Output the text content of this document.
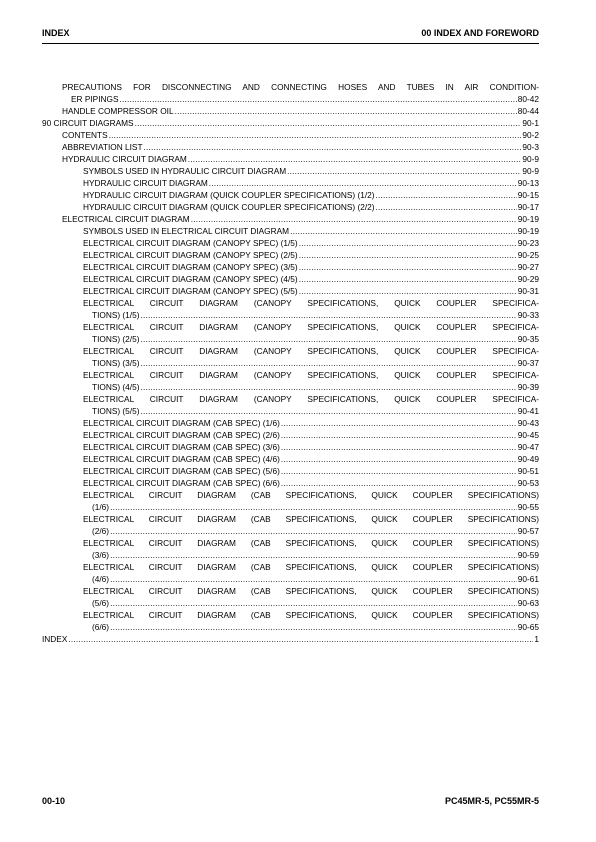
INDEX	00 INDEX AND FOREWORD
PRECAUTIONS FOR DISCONNECTING AND CONNECTING HOSES AND TUBES IN AIR CONDITION-
ER PIPINGS .....	80-42
HANDLE COMPRESSOR OIL .....	80-44
90 CIRCUIT DIAGRAMS .....	90-1
CONTENTS .....	90-2
ABBREVIATION LIST .....	90-3
HYDRAULIC CIRCUIT DIAGRAM .....	90-9
SYMBOLS USED IN HYDRAULIC CIRCUIT DIAGRAM .....	90-9
HYDRAULIC CIRCUIT DIAGRAM .....	90-13
HYDRAULIC CIRCUIT DIAGRAM (QUICK COUPLER SPECIFICATIONS) (1/2) .....	90-15
HYDRAULIC CIRCUIT DIAGRAM (QUICK COUPLER SPECIFICATIONS) (2/2) .....	90-17
ELECTRICAL CIRCUIT DIAGRAM .....	90-19
SYMBOLS USED IN ELECTRICAL CIRCUIT DIAGRAM .....	90-19
ELECTRICAL CIRCUIT DIAGRAM (CANOPY SPEC) (1/5) .....	90-23
ELECTRICAL CIRCUIT DIAGRAM (CANOPY SPEC) (2/5) .....	90-25
ELECTRICAL CIRCUIT DIAGRAM (CANOPY SPEC) (3/5) .....	90-27
ELECTRICAL CIRCUIT DIAGRAM (CANOPY SPEC) (4/5) .....	90-29
ELECTRICAL CIRCUIT DIAGRAM (CANOPY SPEC) (5/5) .....	90-31
ELECTRICAL CIRCUIT DIAGRAM (CANOPY SPECIFICATIONS, QUICK COUPLER SPECIFICA-
TIONS) (1/5) .....	90-33
ELECTRICAL CIRCUIT DIAGRAM (CANOPY SPECIFICATIONS, QUICK COUPLER SPECIFICA-
TIONS) (2/5) .....	90-35
ELECTRICAL CIRCUIT DIAGRAM (CANOPY SPECIFICATIONS, QUICK COUPLER SPECIFICA-
TIONS) (3/5) .....	90-37
ELECTRICAL CIRCUIT DIAGRAM (CANOPY SPECIFICATIONS, QUICK COUPLER SPECIFICA-
TIONS) (4/5) .....	90-39
ELECTRICAL CIRCUIT DIAGRAM (CANOPY SPECIFICATIONS, QUICK COUPLER SPECIFICA-
TIONS) (5/5) .....	90-41
ELECTRICAL CIRCUIT DIAGRAM (CAB SPEC) (1/6) .....	90-43
ELECTRICAL CIRCUIT DIAGRAM (CAB SPEC) (2/6) .....	90-45
ELECTRICAL CIRCUIT DIAGRAM (CAB SPEC) (3/6) .....	90-47
ELECTRICAL CIRCUIT DIAGRAM (CAB SPEC) (4/6) .....	90-49
ELECTRICAL CIRCUIT DIAGRAM (CAB SPEC) (5/6) .....	90-51
ELECTRICAL CIRCUIT DIAGRAM (CAB SPEC) (6/6) .....	90-53
ELECTRICAL CIRCUIT DIAGRAM (CAB SPECIFICATIONS, QUICK COUPLER SPECIFICATIONS)
(1/6) .....	90-55
ELECTRICAL CIRCUIT DIAGRAM (CAB SPECIFICATIONS, QUICK COUPLER SPECIFICATIONS)
(2/6) .....	90-57
ELECTRICAL CIRCUIT DIAGRAM (CAB SPECIFICATIONS, QUICK COUPLER SPECIFICATIONS)
(3/6) .....	90-59
ELECTRICAL CIRCUIT DIAGRAM (CAB SPECIFICATIONS, QUICK COUPLER SPECIFICATIONS)
(4/6) .....	90-61
ELECTRICAL CIRCUIT DIAGRAM (CAB SPECIFICATIONS, QUICK COUPLER SPECIFICATIONS)
(5/6) .....	90-63
ELECTRICAL CIRCUIT DIAGRAM (CAB SPECIFICATIONS, QUICK COUPLER SPECIFICATIONS)
(6/6) .....	90-65
INDEX .....	1
00-10	PC45MR-5, PC55MR-5
